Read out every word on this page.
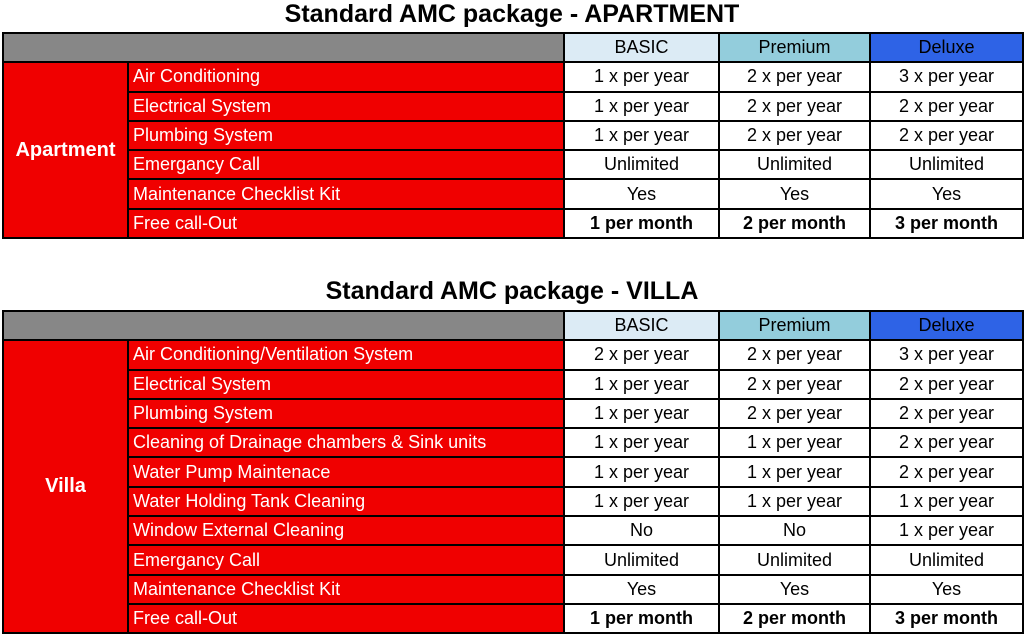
Standard AMC package - APARTMENT
		BASIC	Premium	Deluxe
Apartment	Air Conditioning	1 x per year	2 x per year	3 x per year
	Electrical System	1 x per year	2 x per year	2 x per year
	Plumbing System	1 x per year	2 x per year	2 x per year
	Emergancy Call	Unlimited	Unlimited	Unlimited
	Maintenance Checklist Kit	Yes	Yes	Yes
	Free call-Out	1 per month	2 per month	3 per month
Standard AMC package - VILLA
		BASIC	Premium	Deluxe
Villa	Air Conditioning/Ventilation System	2 x per year	2 x per year	3 x per year
	Electrical System	1 x per year	2 x per year	2 x per year
	Plumbing System	1 x per year	2 x per year	2 x per year
	Cleaning of Drainage chambers & Sink units	1 x per year	1 x per year	2 x per year
	Water Pump Maintenace	1 x per year	1 x per year	2 x per year
	Water Holding Tank Cleaning	1 x per year	1 x per year	1 x per year
	Window External Cleaning	No	No	1 x per year
	Emergancy Call	Unlimited	Unlimited	Unlimited
	Maintenance Checklist Kit	Yes	Yes	Yes
	Free call-Out	1 per month	2 per month	3 per month
